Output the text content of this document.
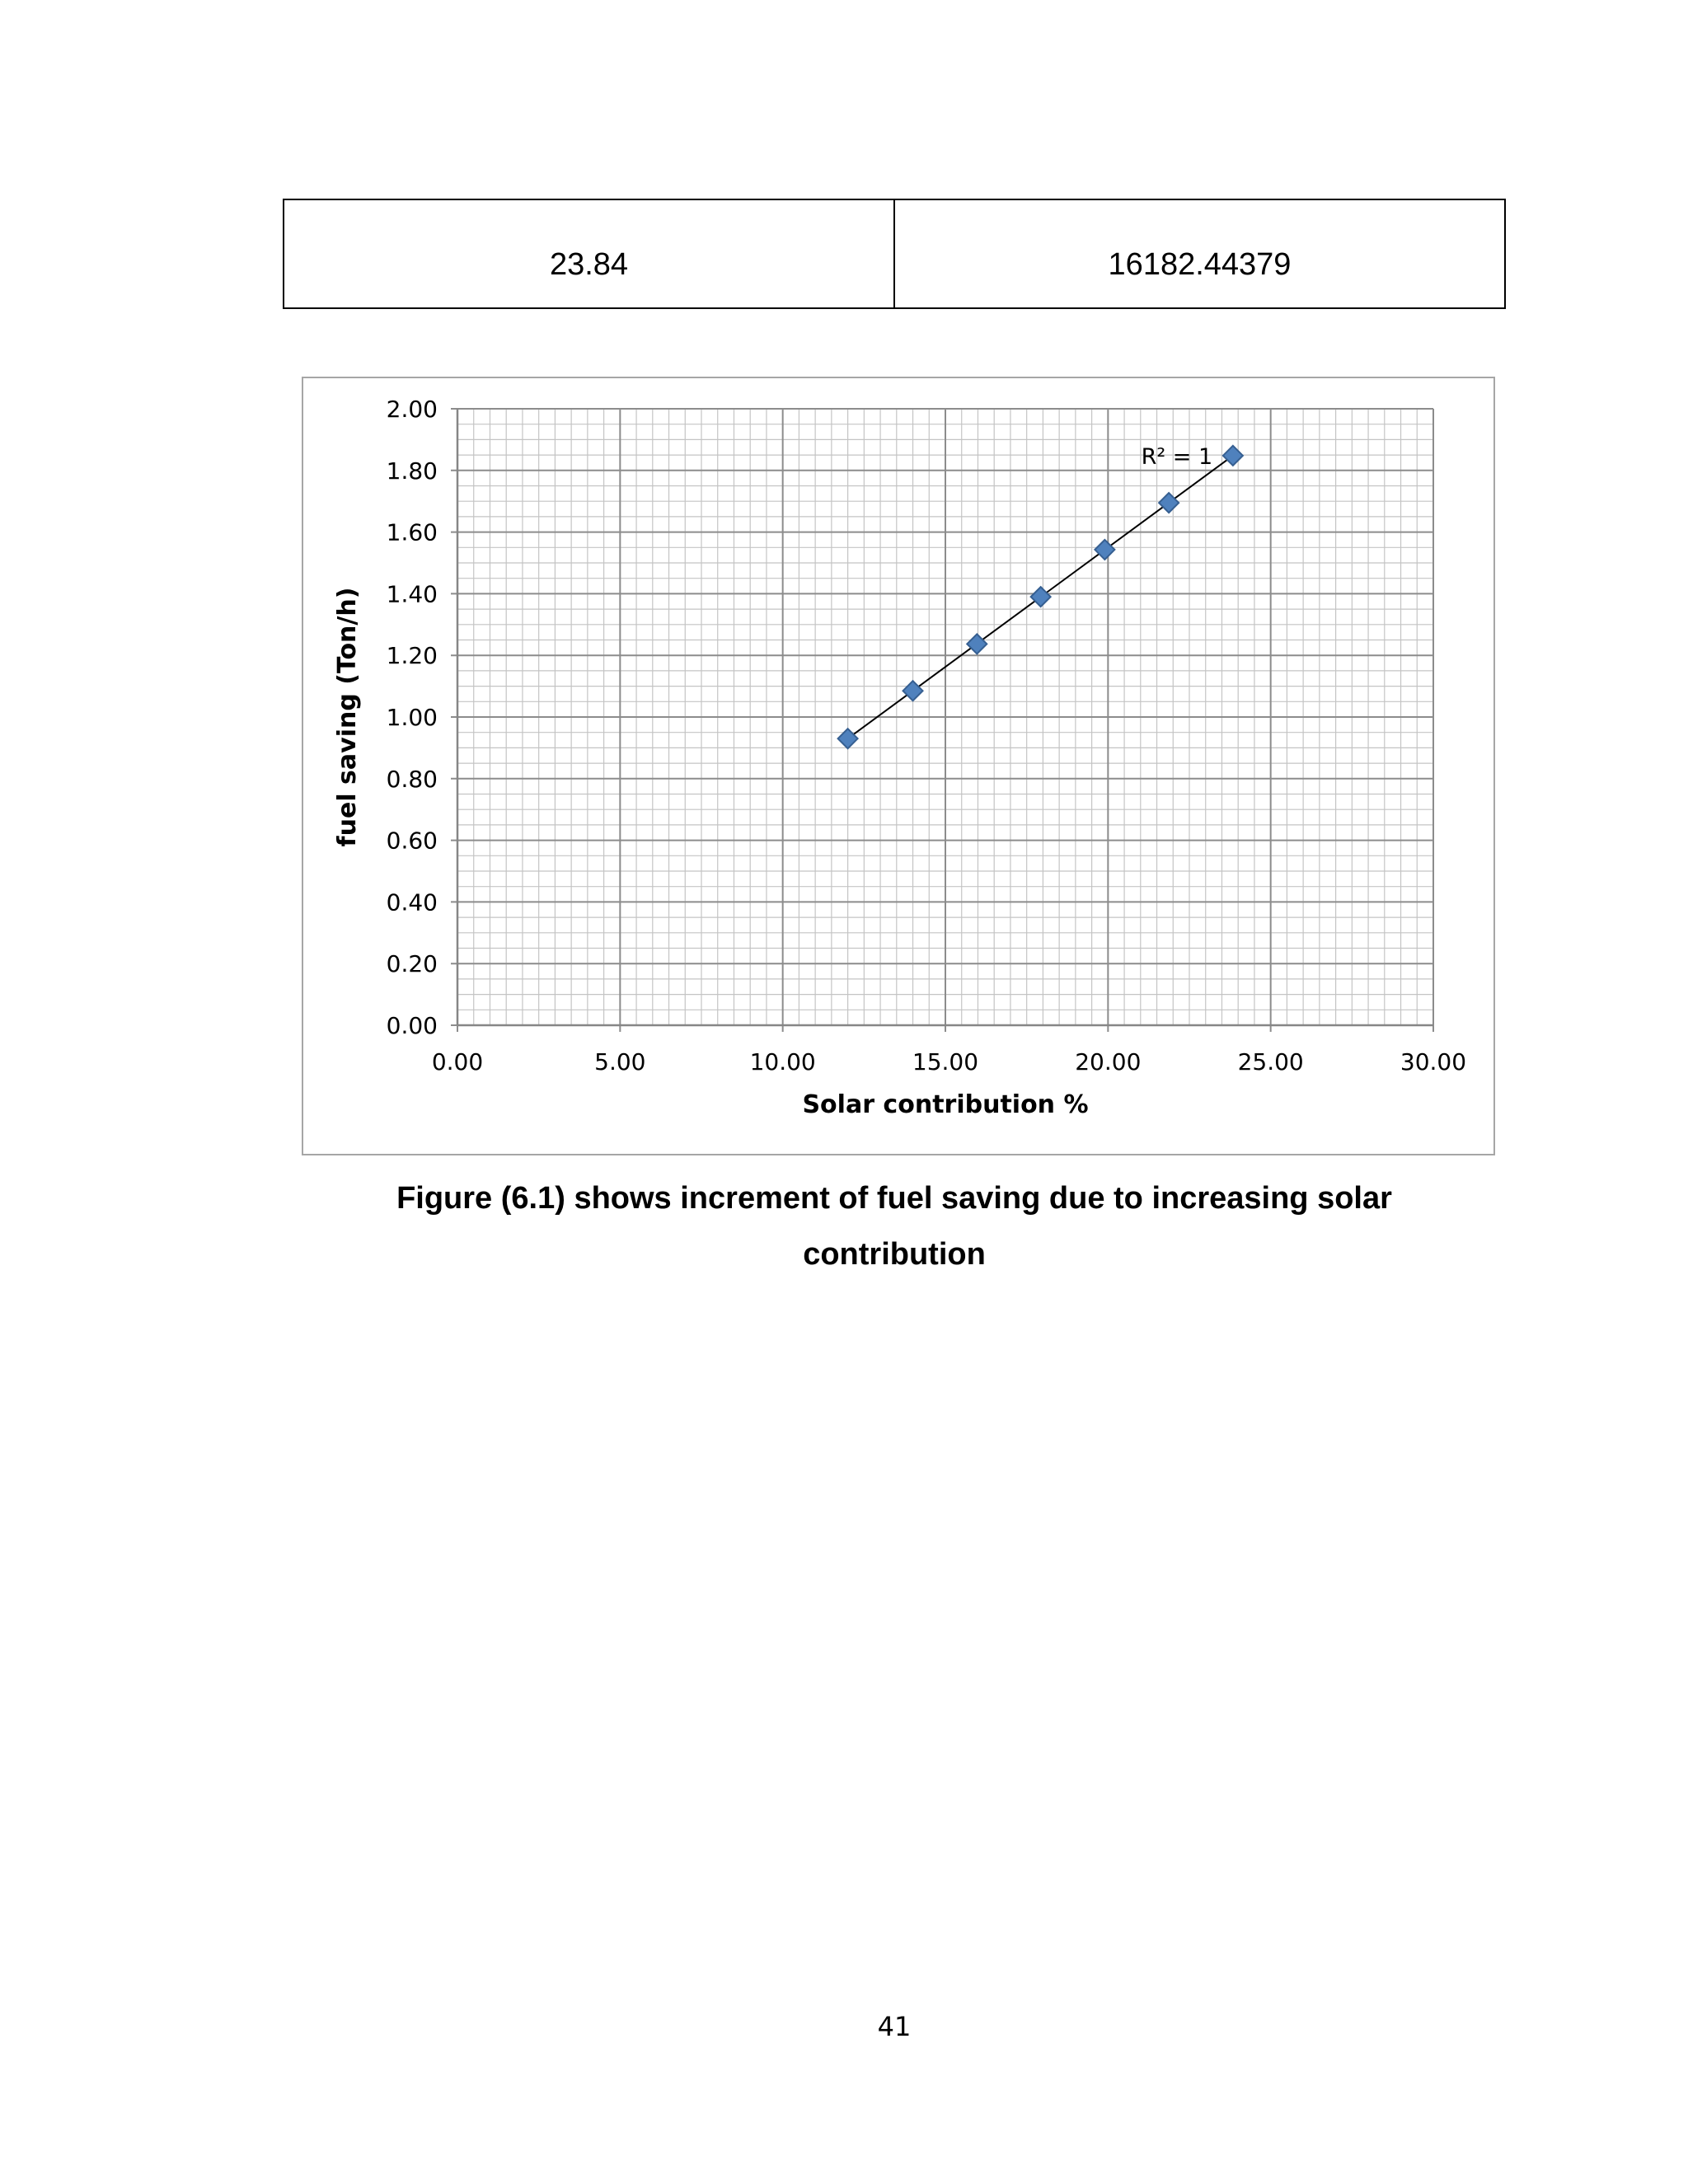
23.84	16182.44379
0.00	5.00	10.00	15.00	20.00	25.00	30.00
0.00
0.20
0.40
0.60
0.80
1.00
1.20
1.40
1.60
1.80
2.00
Solar contribution %
fuel saving (Ton/h)
R² = 1
Figure (6.1) shows increment of fuel saving due to increasing solar
contribution
41
